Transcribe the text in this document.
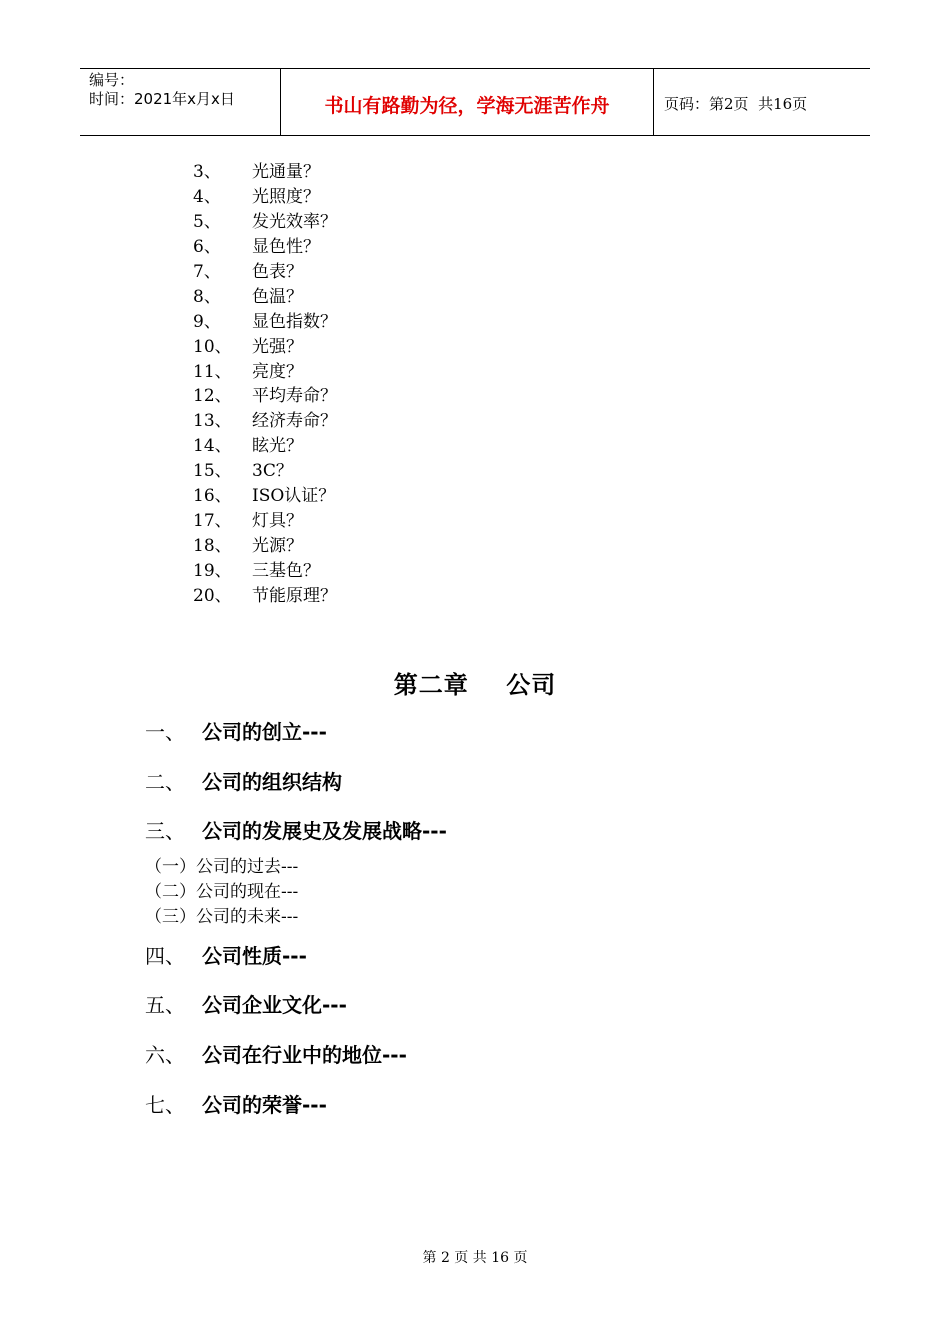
编号：
时间：2021年x月x日	书山有路勤为径，学海无涯苦作舟	页码：第2页  共16页
3、 光通量？
4、 光照度？
5、 发光效率？
6、 显色性？
7、 色表？
8、 色温？
9、 显色指数？
10、 光强？
11、 亮度？
12、 平均寿命？
13、 经济寿命？
14、 眩光？
15、 3C？
16、 ISO认证？
17、 灯具？
18、 光源？
19、 三基色？
20、 节能原理？
第二章    公司
一、 公司的创立---
二、 公司的组织结构
三、 公司的发展史及发展战略---
（一）公司的过去---
（二）公司的现在---
（三）公司的未来---
四、 公司性质---
五、 公司企业文化---
六、 公司在行业中的地位---
七、 公司的荣誉---
第 2 页 共 16 页
